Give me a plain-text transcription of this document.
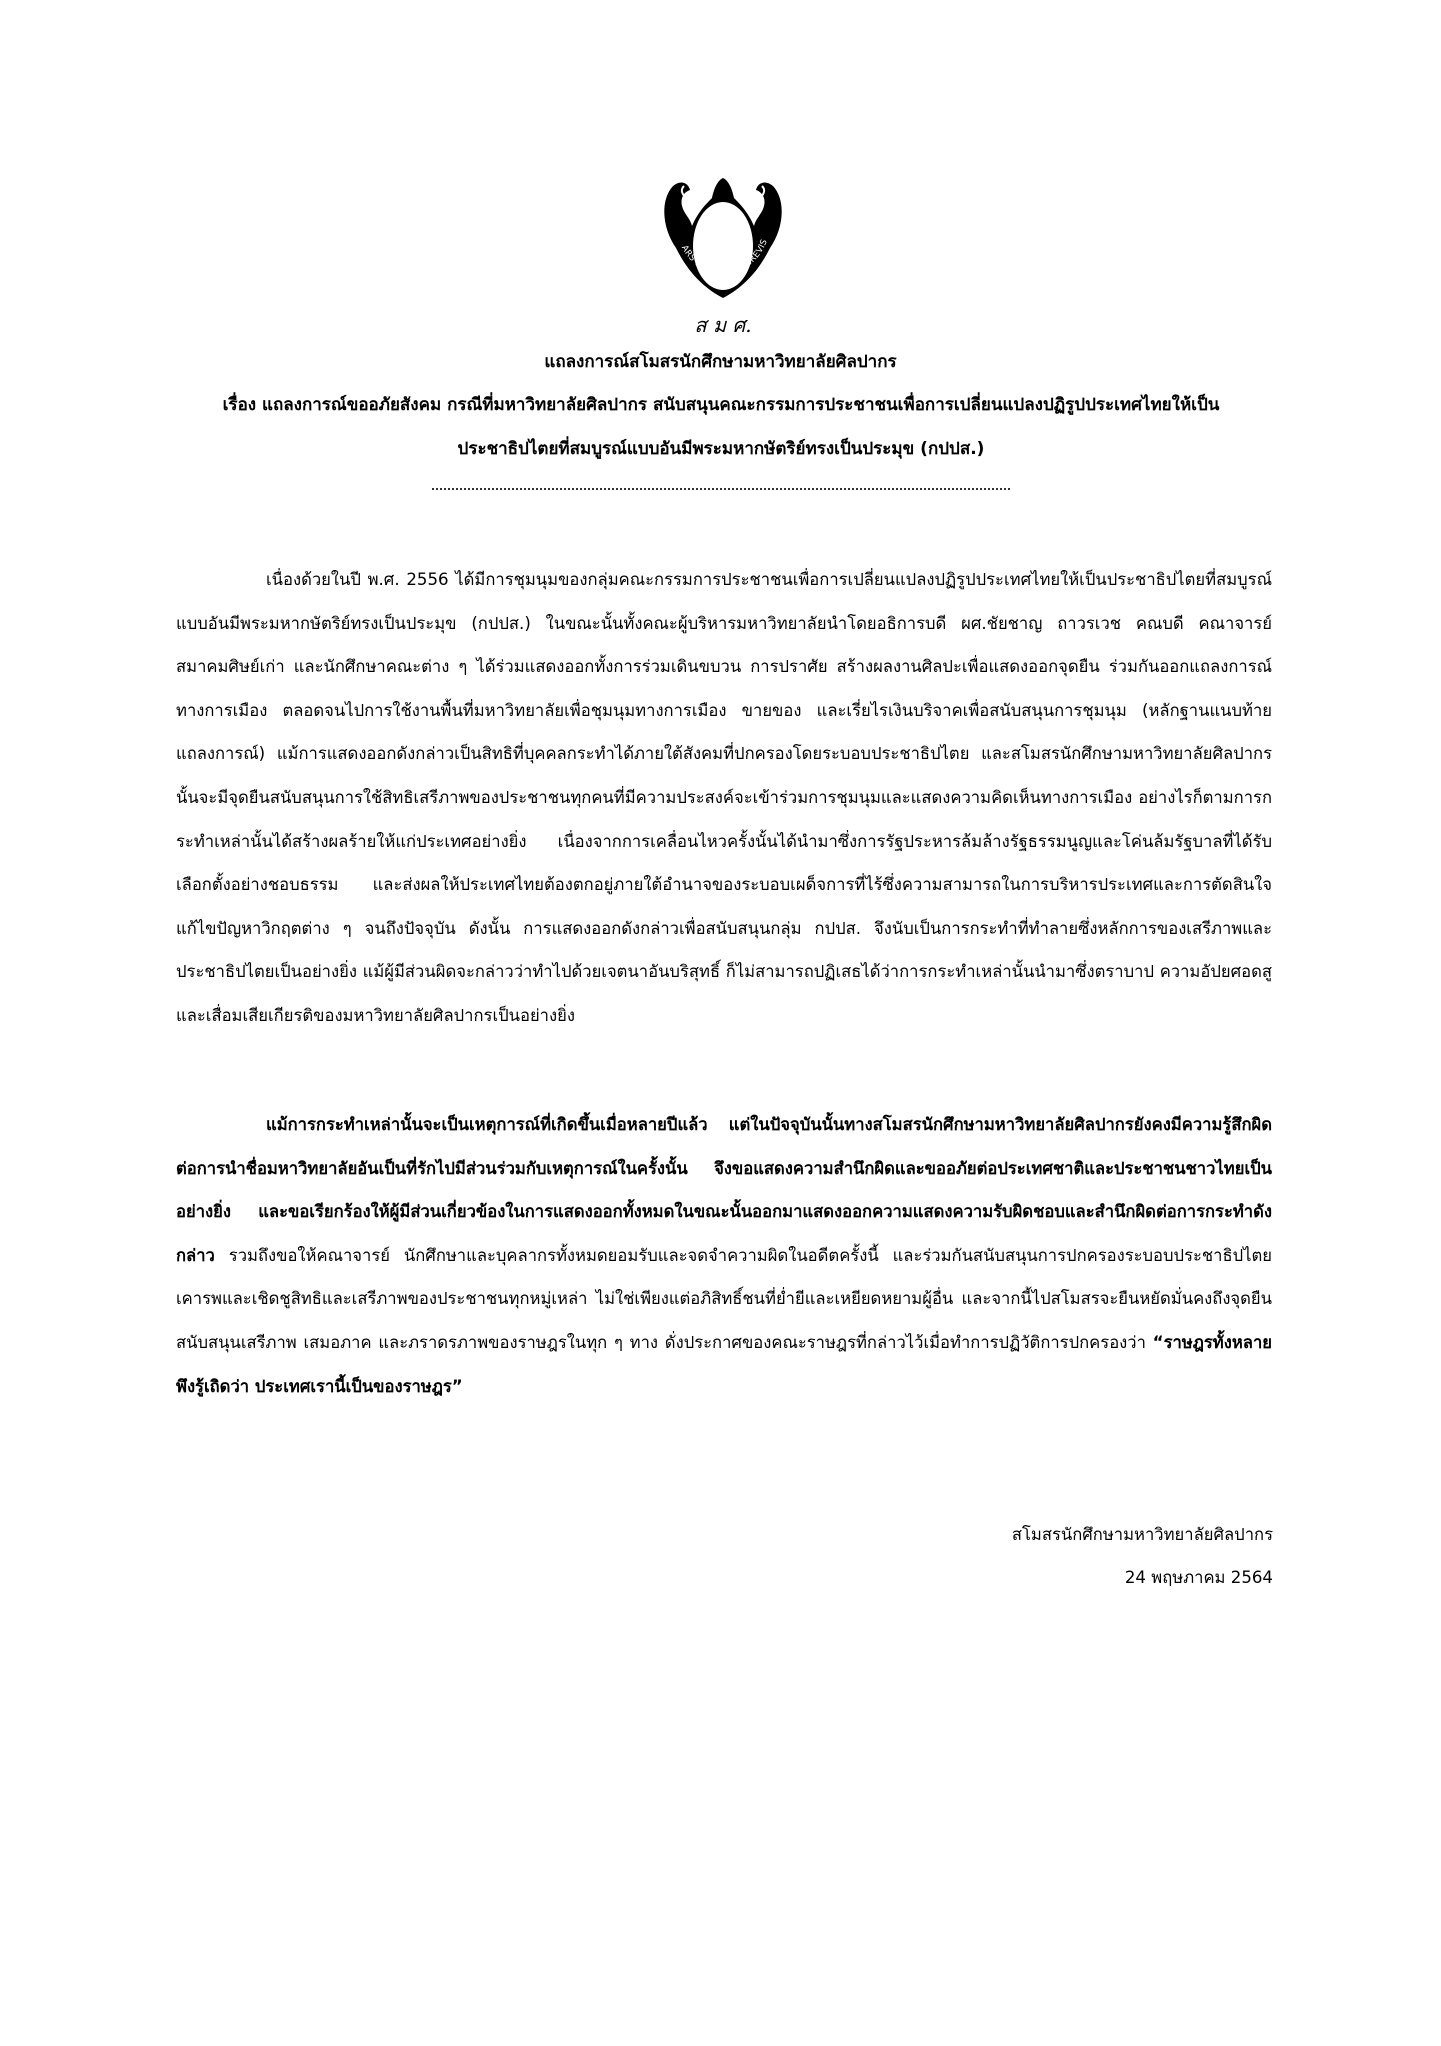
ARS LONGA VITA BREVIS
ส ม ศ.
แถลงการณ์สโมสรนักศึกษามหาวิทยาลัยศิลปากร
เรื่อง แถลงการณ์ขออภัยสังคม กรณีที่มหาวิทยาลัยศิลปากร สนับสนุนคณะกรรมการประชาชนเพื่อการเปลี่ยนแปลงปฏิรูปประเทศไทยให้เป็น
ประชาธิปไตยที่สมบูรณ์แบบอันมีพระมหากษัตริย์ทรงเป็นประมุข (กปปส.)
เนื่องด้วยในปี พ.ศ. 2556 ได้มีการชุมนุมของกลุ่มคณะกรรมการประชาชนเพื่อการเปลี่ยนแปลงปฏิรูปประเทศไทยให้เป็นประชาธิปไตยที่สมบูรณ์แบบอันมีพระมหากษัตริย์ทรงเป็นประมุข (กปปส.) ในขณะนั้นทั้งคณะผู้บริหารมหาวิทยาลัยนำโดยอธิการบดี ผศ.ชัยชาญ ถาวรเวช คณบดี คณาจารย์ สมาคมศิษย์เก่า และนักศึกษาคณะต่าง ๆ ได้ร่วมแสดงออกทั้งการร่วมเดินขบวน การปราศัย สร้างผลงานศิลปะเพื่อแสดงออกจุดยืน ร่วมกันออกแถลงการณ์ทางการเมือง ตลอดจนไปการใช้งานพื้นที่มหาวิทยาลัยเพื่อชุมนุมทางการเมือง ขายของ และเรี่ยไรเงินบริจาคเพื่อสนับสนุนการชุมนุม (หลักฐานแนบท้ายแถลงการณ์) แม้การแสดงออกดังกล่าวเป็นสิทธิที่บุคคลกระทำได้ภายใต้สังคมที่ปกครองโดยระบอบประชาธิปไตย และสโมสรนักศึกษามหาวิทยาลัยศิลปากรนั้นจะมีจุดยืนสนับสนุนการใช้สิทธิเสรีภาพของประชาชนทุกคนที่มีความประสงค์จะเข้าร่วมการชุมนุมและแสดงความคิดเห็นทางการเมือง อย่างไรก็ตามการกระทำเหล่านั้นได้สร้างผลร้ายให้แก่ประเทศอย่างยิ่ง เนื่องจากการเคลื่อนไหวครั้งนั้นได้นำมาซึ่งการรัฐประหารล้มล้างรัฐธรรมนูญและโค่นล้มรัฐบาลที่ได้รับเลือกตั้งอย่างชอบธรรม และส่งผลให้ประเทศไทยต้องตกอยู่ภายใต้อำนาจของระบอบเผด็จการที่ไร้ซึ่งความสามารถในการบริหารประเทศและการตัดสินใจแก้ไขปัญหาวิกฤตต่าง ๆ จนถึงปัจจุบัน ดังนั้น การแสดงออกดังกล่าวเพื่อสนับสนุนกลุ่ม กปปส. จึงนับเป็นการกระทำที่ทำลายซึ่งหลักการของเสรีภาพและประชาธิปไตยเป็นอย่างยิ่ง แม้ผู้มีส่วนผิดจะกล่าวว่าทำไปด้วยเจตนาอันบริสุทธิ์ ก็ไม่สามารถปฏิเสธได้ว่าการกระทำเหล่านั้นนำมาซึ่งตราบาป ความอัปยศอดสู และเสื่อมเสียเกียรติของมหาวิทยาลัยศิลปากรเป็นอย่างยิ่ง
แม้การกระทำเหล่านั้นจะเป็นเหตุการณ์ที่เกิดขึ้นเมื่อหลายปีแล้ว แต่ในปัจจุบันนั้นทางสโมสรนักศึกษามหาวิทยาลัยศิลปากรยังคงมีความรู้สึกผิดต่อการนำชื่อมหาวิทยาลัยอันเป็นที่รักไปมีส่วนร่วมกับเหตุการณ์ในครั้งนั้น จึงขอแสดงความสำนึกผิดและขออภัยต่อประเทศชาติและประชาชนชาวไทยเป็นอย่างยิ่ง และขอเรียกร้องให้ผู้มีส่วนเกี่ยวข้องในการแสดงออกทั้งหมดในขณะนั้นออกมาแสดงออกความแสดงความรับผิดชอบและสำนึกผิดต่อการกระทำดังกล่าว รวมถึงขอให้คณาจารย์ นักศึกษาและบุคลากรทั้งหมดยอมรับและจดจำความผิดในอดีตครั้งนี้ และร่วมกันสนับสนุนการปกครองระบอบประชาธิปไตย เคารพและเชิดชูสิทธิและเสรีภาพของประชาชนทุกหมู่เหล่า ไม่ใช่เพียงแต่อภิสิทธิ์ชนที่ย่ำยีและเหยียดหยามผู้อื่น และจากนี้ไปสโมสรจะยืนหยัดมั่นคงถึงจุดยืนสนับสนุนเสรีภาพ เสมอภาค และภราดรภาพของราษฎรในทุก ๆ ทาง ดั่งประกาศของคณะราษฎรที่กล่าวไว้เมื่อทำการปฏิวัติการปกครองว่า “ราษฎรทั้งหลายพึงรู้เถิดว่า ประเทศเรานี้เป็นของราษฎร”
สโมสรนักศึกษามหาวิทยาลัยศิลปากร
24 พฤษภาคม 2564
